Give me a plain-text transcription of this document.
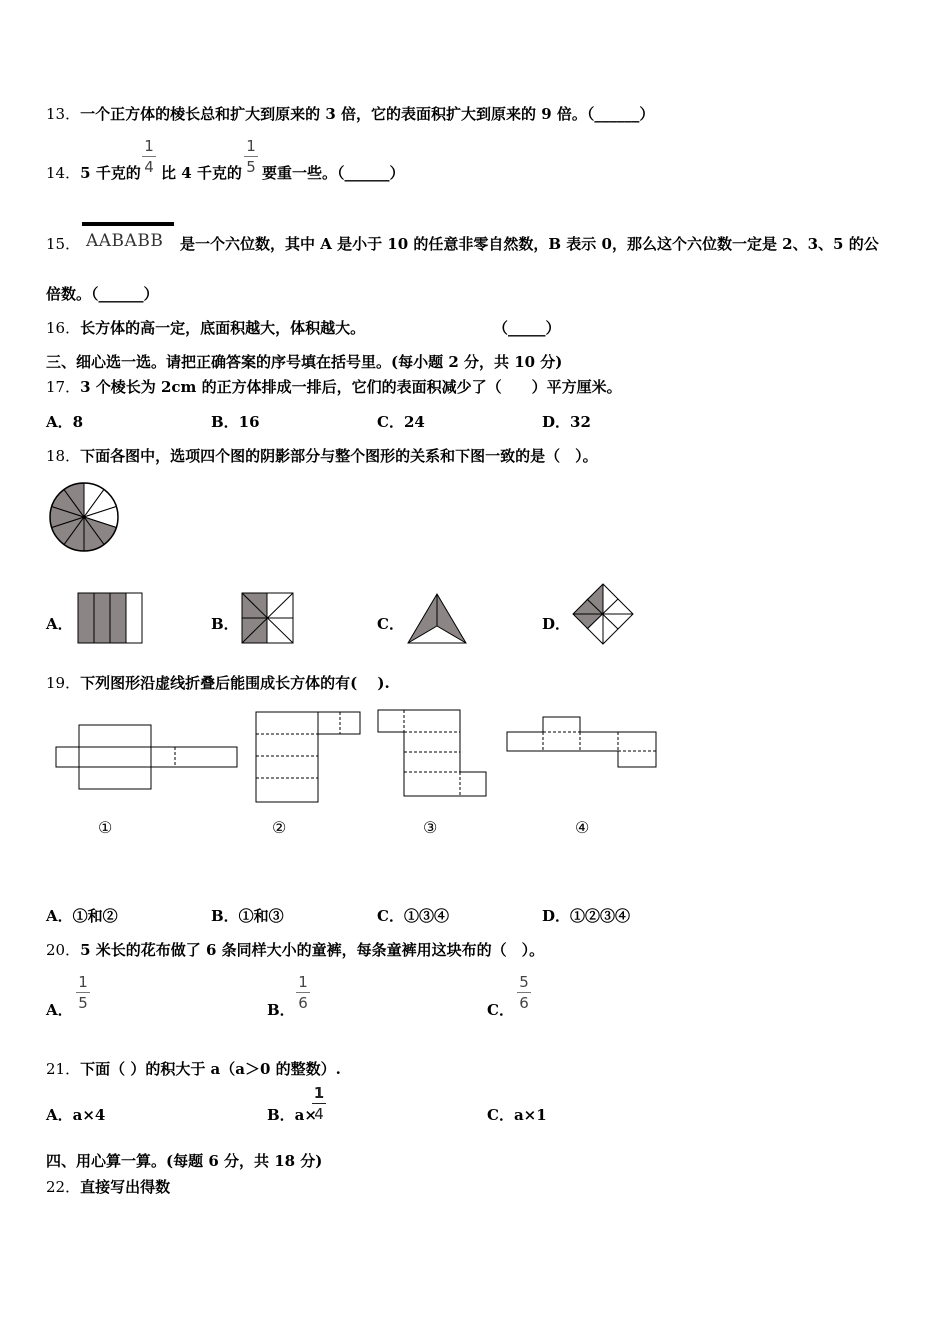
13．一个正方体的棱长总和扩大到原来的 3 倍，它的表面积扩大到原来的 9 倍。（______）
14．5 千克的
1
4 比 4 千克的
1
5 要重一些。（______）
15． AABABB 是一个六位数，其中 A 是小于 10 的任意非零自然数，B 表示 0，那么这个六位数一定是 2、3、5 的公
倍数。（______）
16．长方体的高一定，底面积越大，体积越大。	（_____）
三、细心选一选。请把正确答案的序号填在括号里。(每小题 2 分，共 10 分)
17．3 个棱长为 2cm 的正方体排成一排后，它们的表面积减少了（　　）平方厘米。
A．8	B．16	C．24	D．32
18．下面各图中，选项四个图的阴影部分与整个图形的关系和下图一致的是（　）。
A．	B．	C．	D．
19．下列图形沿虚线折叠后能围成长方体的有(　 ).
①	②	③	④
A．①和②	B．①和③	C．①③④	D．①②③④
20．5 米长的花布做了 6 条同样大小的童裤，每条童裤用这块布的（　）。
A．
1
5	B．
1
6	C．
5
6
21．下面（ ）的积大于 a（a＞0 的整数）.
A．a×4	B．a×
1
4	C．a×1
四、用心算一算。(每题 6 分，共 18 分)
22．直接写出得数
